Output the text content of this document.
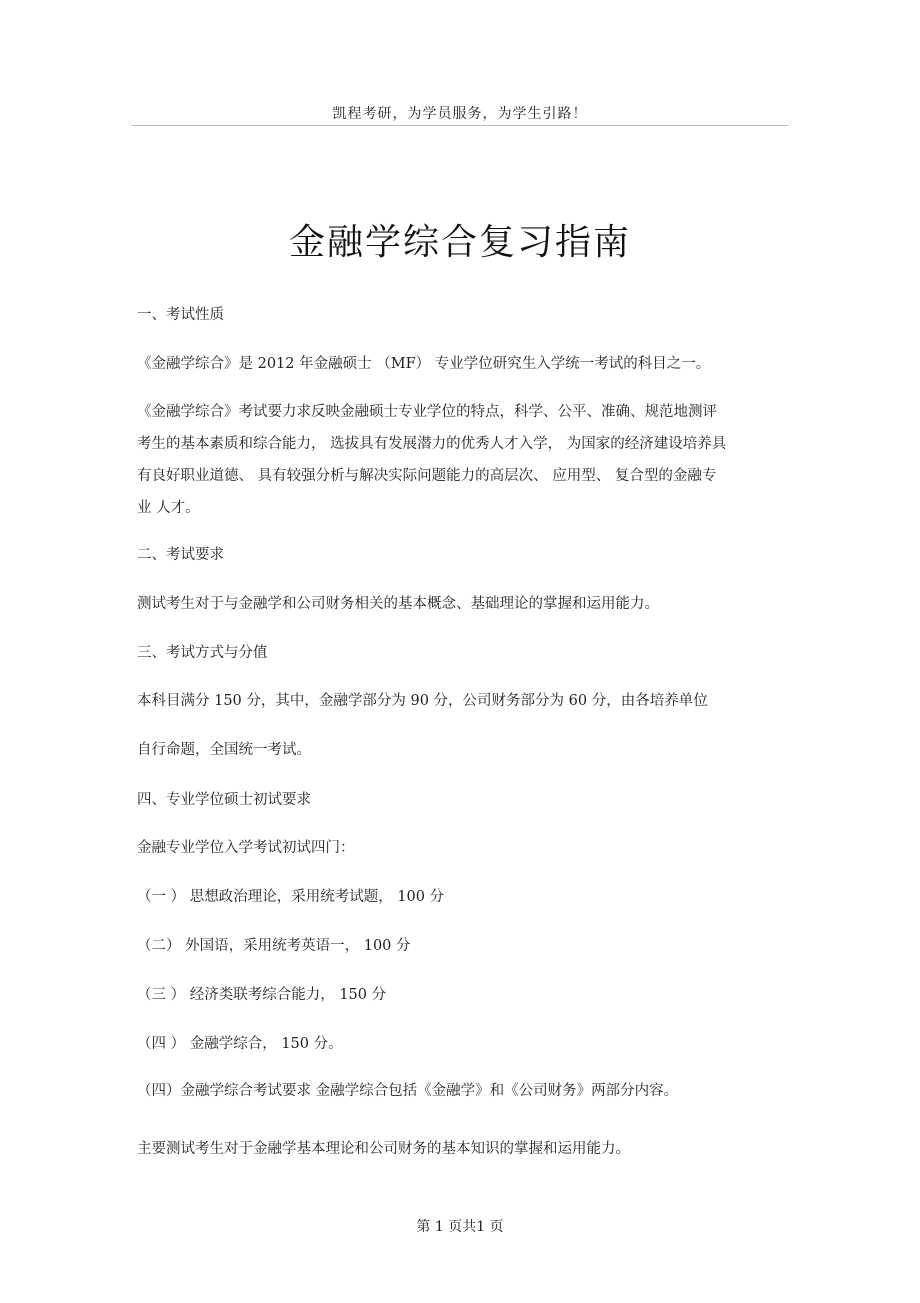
凯程考研，为学员服务，为学生引路！
金融学综合复习指南
一、考试性质
《金融学综合》是 2012 年金融硕士 （MF） 专业学位研究生入学统一考试的科目之一。
《金融学综合》考试要力求反映金融硕士专业学位的特点，科学、公平、准确、规范地测评
考生的基本素质和综合能力， 选拔具有发展潜力的优秀人才入学， 为国家的经济建设培养具
有良好职业道德、 具有较强分析与解决实际问题能力的高层次、 应用型、 复合型的金融专
业 人才。
二、考试要求
测试考生对于与金融学和公司财务相关的基本概念、基础理论的掌握和运用能力。
三、考试方式与分值
本科目满分 150 分，其中，金融学部分为 90 分，公司财务部分为 60 分，由各培养单位
自行命题，全国统一考试。
四、专业学位硕士初试要求
金融专业学位入学考试初试四门：
（一 ） 思想政治理论，采用统考试题， 100 分
（二） 外国语，采用统考英语一， 100 分
（三 ） 经济类联考综合能力， 150 分
（四 ） 金融学综合， 150 分。
（四）金融学综合考试要求 金融学综合包括《金融学》和《公司财务》两部分内容。
主要测试考生对于金融学基本理论和公司财务的基本知识的掌握和运用能力。
第 1 页共1 页
